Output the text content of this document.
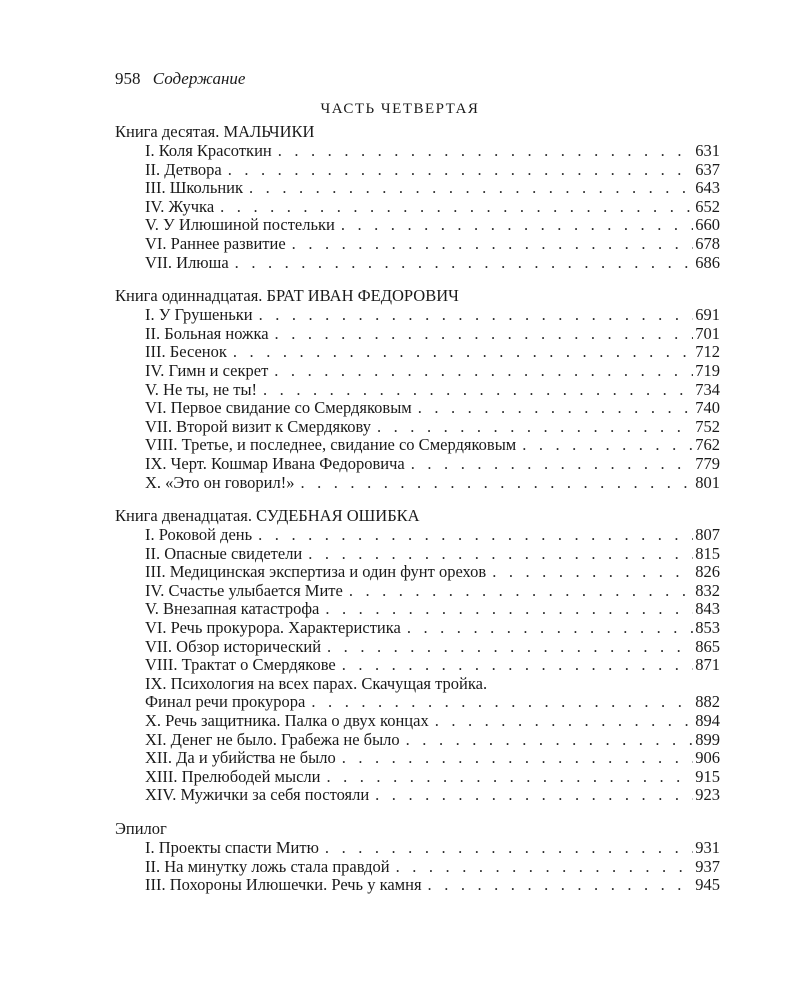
958 Содержание
ЧАСТЬ ЧЕТВЕРТАЯ
Книга десятая. МАЛЬЧИКИ
I. Коля Красоткин . . .	631
II. Детвора . . .	637
III. Школьник . . .	643
IV. Жучка . . .	652
V. У Илюшиной постельки . . .	660
VI. Раннее развитие . . .	678
VII. Илюша . . .	686
Книга одиннадцатая. БРАТ ИВАН ФЕДОРОВИЧ
I. У Грушеньки . . .	691
II. Больная ножка . . .	701
III. Бесенок . . .	712
IV. Гимн и секрет . . .	719
V. Не ты, не ты! . . .	734
VI. Первое свидание со Смердяковым . . .	740
VII. Второй визит к Смердякову . . .	752
VIII. Третье, и последнее, свидание со Смердяковым . . .	762
IX. Черт. Кошмар Ивана Федоровича . . .	779
X. «Это он говорил!» . . .	801
Книга двенадцатая. СУДЕБНАЯ ОШИБКА
I. Роковой день . . .	807
II. Опасные свидетели . . .	815
III. Медицинская экспертиза и один фунт орехов . . .	826
IV. Счастье улыбается Мите . . .	832
V. Внезапная катастрофа . . .	843
VI. Речь прокурора. Характеристика . . .	853
VII. Обзор исторический . . .	865
VIII. Трактат о Смердякове . . .	871
IX. Психология на всех парах. Скачущая тройка.
Финал речи прокурора . . .	882
X. Речь защитника. Палка о двух концах . . .	894
XI. Денег не было. Грабежа не было . . .	899
XII. Да и убийства не было . . .	906
XIII. Прелюбодей мысли . . .	915
XIV. Мужички за себя постояли . . .	923
Эпилог
I. Проекты спасти Митю . . .	931
II. На минутку ложь стала правдой . . .	937
III. Похороны Илюшечки. Речь у камня . . .	945
